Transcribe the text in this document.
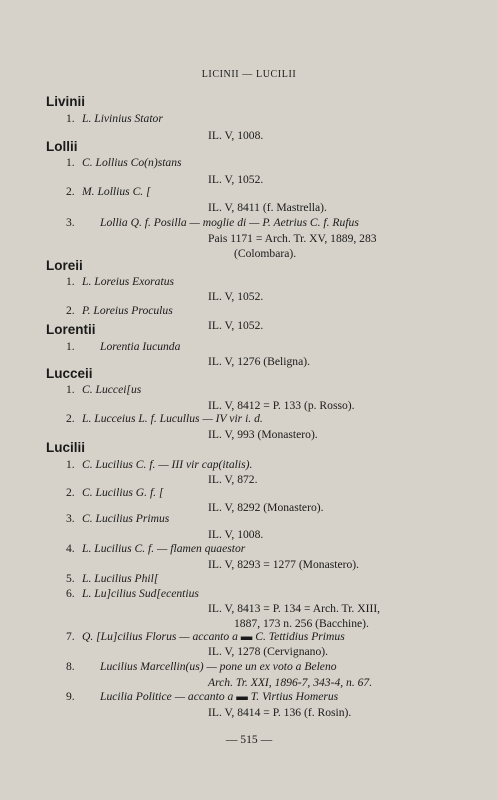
LICINII — LUCILII
Livinii
1. L. Livinius Stator
IL. V, 1008.
Lollii
1. C. Lollius Co(n)stans
IL. V, 1052.
2. M. Lollius C. [
IL. V, 8411 (f. Mastrella).
3. Lollia Q. f. Posilla — moglie di — P. Aetrius C. f. Rufus
Pais 1171 = Arch. Tr. XV, 1889, 283
(Colombara).
Loreii
1. L. Loreius Exoratus
IL. V, 1052.
2. P. Loreius Proculus
IL. V, 1052.
Lorentii
1. Lorentia Iucunda
IL. V, 1276 (Beligna).
Lucceii
1. C. Luccei[us
IL. V, 8412 = P. 133 (p. Rosso).
2. L. Lucceius L. f. Lucullus — IV vir i. d.
IL. V, 993 (Monastero).
Lucilii
1. C. Lucilius C. f. — III vir cap(italis).
IL. V, 872.
2. C. Lucilius G. f. [
IL. V, 8292 (Monastero).
3. C. Lucilius Primus
IL. V, 1008.
4. L. Lucilius C. f. — flamen quaestor
IL. V, 8293 = 1277 (Monastero).
5. L. Lucilius Phil[
6. L. Lu]cilius Sud[ecentius
IL. V, 8413 = P. 134 = Arch. Tr. XIII,
1887, 173 n. 256 (Bacchine).
7. Q. [Lu]cilius Florus — accanto a ▬ C. Tettidius Primus
IL. V, 1278 (Cervignano).
8. Lucilius Marcellin(us) — pone un ex voto a Beleno
Arch. Tr. XXI, 1896-7, 343-4, n. 67.
9. Lucilia Politice — accanto a ▬ T. Virtius Homerus
IL. V, 8414 = P. 136 (f. Rosin).
— 515 —
